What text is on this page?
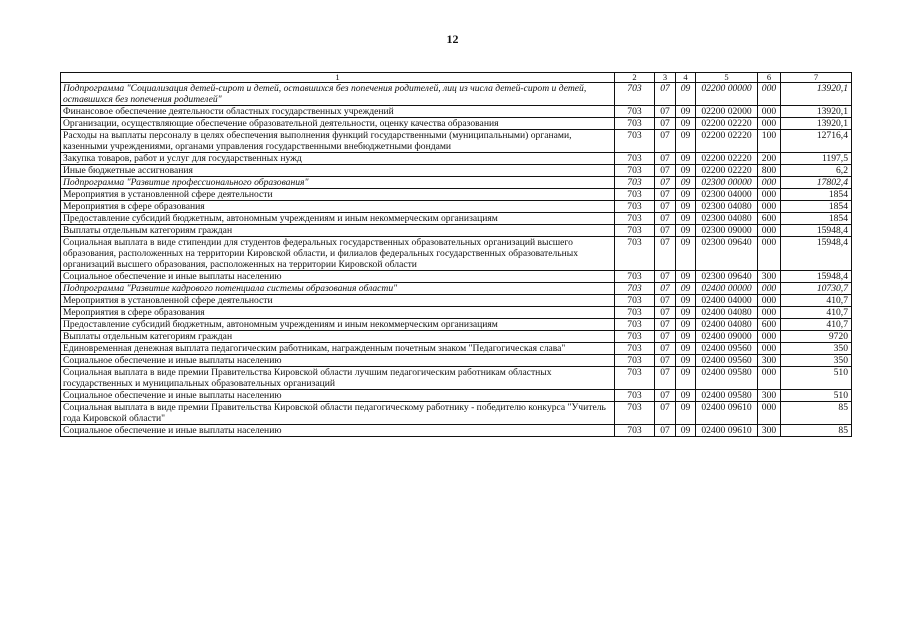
12
1	2	3	4	5	6	7
Подпрограмма "Социализация детей-сирот и детей, оставшихся без попечения родителей, лиц из числа детей-сирот и детей, оставшихся без попечения родителей"	703	07	09	02200 00000	000	13920,1
Финансовое обеспечение деятельности областных государственных учреждений	703	07	09	02200 02000	000	13920,1
Организации, осуществляющие обеспечение образовательной деятельности, оценку качества образования	703	07	09	02200 02220	000	13920,1
Расходы на выплаты персоналу в целях обеспечения выполнения функций государственными (муниципальными) органами, казенными учреждениями, органами управления государственными внебюджетными фондами	703	07	09	02200 02220	100	12716,4
Закупка товаров, работ и услуг для государственных нужд	703	07	09	02200 02220	200	1197,5
Иные бюджетные ассигнования	703	07	09	02200 02220	800	6,2
Подпрограмма "Развитие профессионального образования"	703	07	09	02300 00000	000	17802,4
Мероприятия в установленной сфере деятельности	703	07	09	02300 04000	000	1854
Мероприятия в сфере образования	703	07	09	02300 04080	000	1854
Предоставление субсидий бюджетным, автономным учреждениям и иным некоммерческим организациям	703	07	09	02300 04080	600	1854
Выплаты отдельным категориям граждан	703	07	09	02300 09000	000	15948,4
Социальная выплата в виде стипендии для студентов федеральных государственных образовательных организаций высшего образования, расположенных на территории Кировской области, и филиалов федеральных государственных образовательных организаций высшего образования, расположенных на территории Кировской области	703	07	09	02300 09640	000	15948,4
Социальное обеспечение и иные выплаты населению	703	07	09	02300 09640	300	15948,4
Подпрограмма "Развитие кадрового потенциала системы образования области"	703	07	09	02400 00000	000	10730,7
Мероприятия в установленной сфере деятельности	703	07	09	02400 04000	000	410,7
Мероприятия в сфере образования	703	07	09	02400 04080	000	410,7
Предоставление субсидий бюджетным, автономным учреждениям и иным некоммерческим организациям	703	07	09	02400 04080	600	410,7
Выплаты отдельным категориям граждан	703	07	09	02400 09000	000	9720
Единовременная денежная выплата педагогическим работникам, награжденным почетным знаком "Педагогическая слава"	703	07	09	02400 09560	000	350
Социальное обеспечение и иные выплаты населению	703	07	09	02400 09560	300	350
Социальная выплата в виде премии Правительства Кировской области лучшим педагогическим работникам областных государственных и муниципальных образовательных организаций	703	07	09	02400 09580	000	510
Социальное обеспечение и иные выплаты населению	703	07	09	02400 09580	300	510
Социальная выплата в виде премии Правительства Кировской области педагогическому работнику - победителю конкурса "Учитель года Кировской области"	703	07	09	02400 09610	000	85
Социальное обеспечение и иные выплаты населению	703	07	09	02400 09610	300	85
